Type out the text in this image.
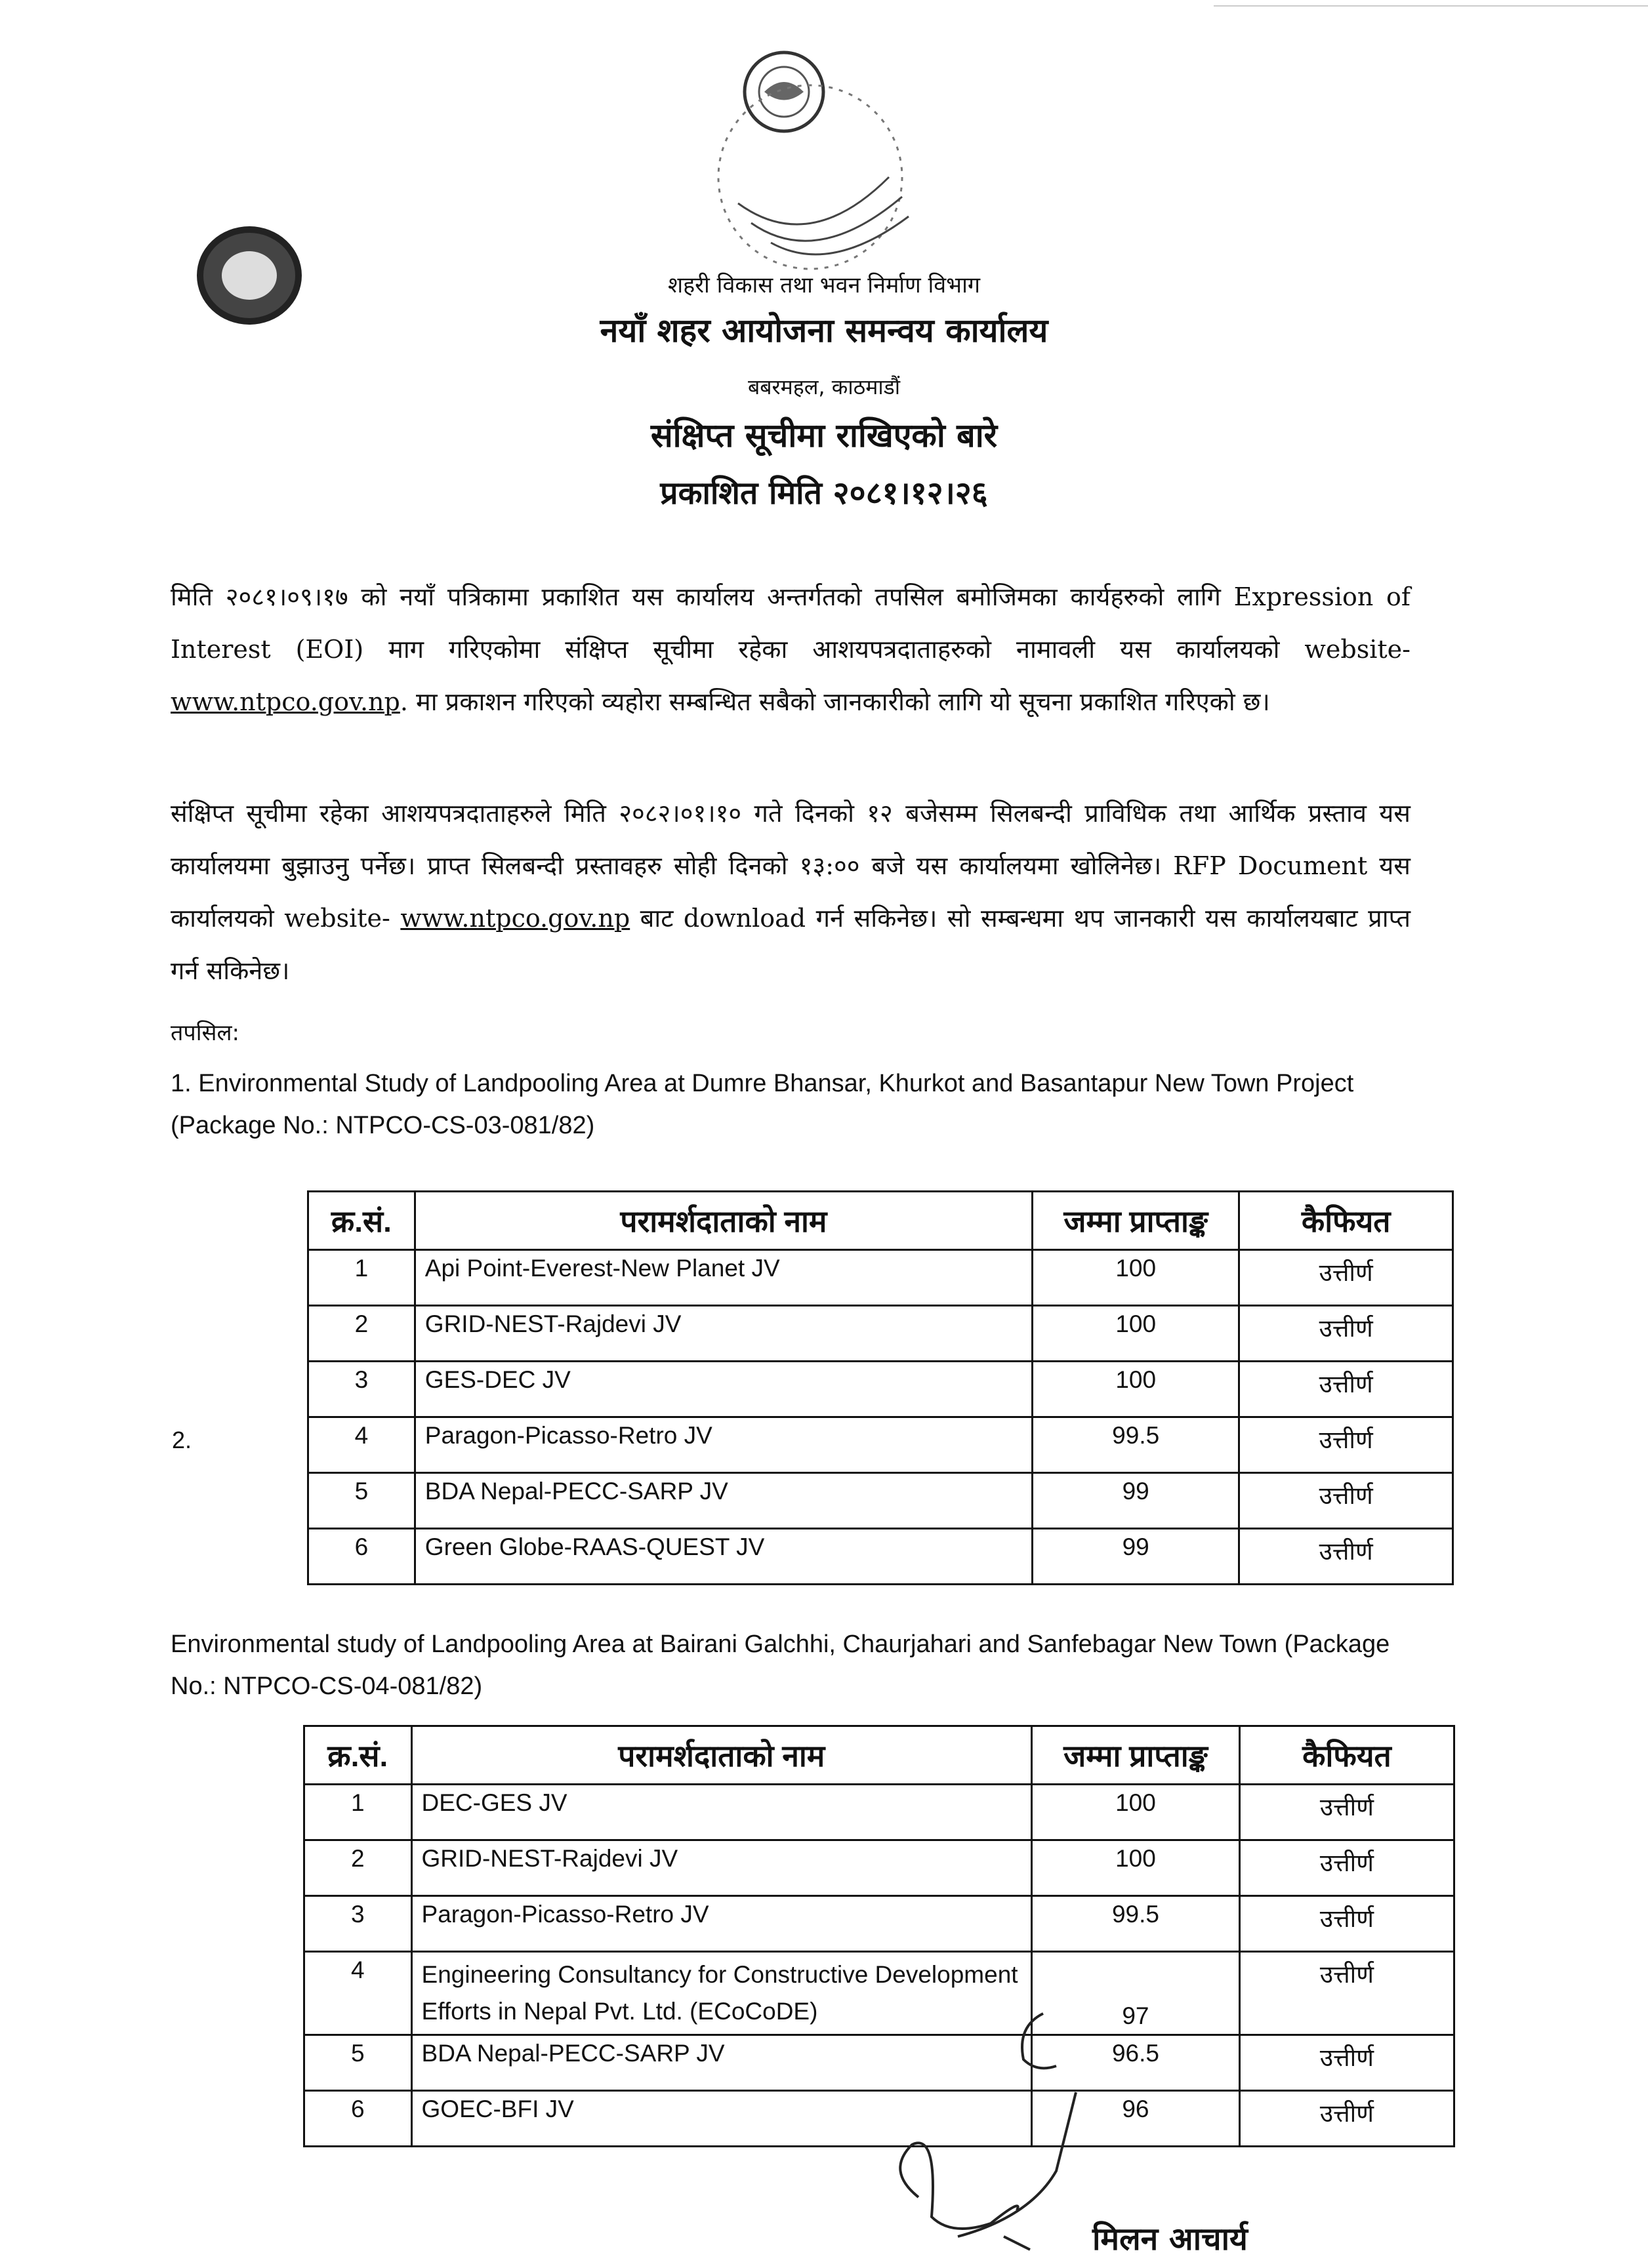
शहरी विकास तथा भवन निर्माण विभाग
नयाँ शहर आयोजना समन्वय कार्यालय
बबरमहल, काठमाडौं
संक्षिप्त सूचीमा राखिएको बारे
प्रकाशित मिति २०८१।१२।२६
मिति २०८१।०९।१७ को नयाँ पत्रिकामा प्रकाशित यस कार्यालय अन्तर्गतको तपसिल बमोजिमका कार्यहरुको लागि Expression of Interest (EOI) माग गरिएकोमा संक्षिप्त सूचीमा रहेका आशयपत्रदाताहरुको नामावली यस कार्यालयको website- www.ntpco.gov.np. मा प्रकाशन गरिएको व्यहोरा सम्बन्धित सबैको जानकारीको लागि यो सूचना प्रकाशित गरिएको छ।
संक्षिप्त सूचीमा रहेका आशयपत्रदाताहरुले मिति २०८२।०१।१० गते दिनको १२ बजेसम्म सिलबन्दी प्राविधिक तथा आर्थिक प्रस्ताव यस कार्यालयमा बुझाउनु पर्नेछ। प्राप्त सिलबन्दी प्रस्तावहरु सोही दिनको १३:०० बजे यस कार्यालयमा खोलिनेछ। RFP Document यस कार्यालयको website- www.ntpco.gov.np बाट download गर्न सकिनेछ। सो सम्बन्धमा थप जानकारी यस कार्यालयबाट प्राप्त गर्न सकिनेछ।
तपसिल:
1. Environmental Study of Landpooling Area at Dumre Bhansar, Khurkot and Basantapur New Town Project (Package No.: NTPCO-CS-03-081/82)
क्र.सं.	परामर्शदाताको नाम	जम्मा प्राप्ताङ्क	कैफियत
1	Api Point-Everest-New Planet JV	100	उत्तीर्ण
2	GRID-NEST-Rajdevi JV	100	उत्तीर्ण
3	GES-DEC JV	100	उत्तीर्ण
4	Paragon-Picasso-Retro JV	99.5	उत्तीर्ण
5	BDA Nepal-PECC-SARP JV	99	उत्तीर्ण
6	Green Globe-RAAS-QUEST JV	99	उत्तीर्ण
2.
Environmental study of Landpooling Area at Bairani Galchhi, Chaurjahari and Sanfebagar New Town (Package No.: NTPCO-CS-04-081/82)
क्र.सं.	परामर्शदाताको नाम	जम्मा प्राप्ताङ्क	कैफियत
1	DEC-GES JV	100	उत्तीर्ण
2	GRID-NEST-Rajdevi JV	100	उत्तीर्ण
3	Paragon-Picasso-Retro JV	99.5	उत्तीर्ण
4	Engineering Consultancy for Constructive Development Efforts in Nepal Pvt. Ltd. (ECoCoDE)	97	उत्तीर्ण
5	BDA Nepal-PECC-SARP JV	96.5	उत्तीर्ण
6	GOEC-BFI JV	96	उत्तीर्ण
मिलन आचार्य
